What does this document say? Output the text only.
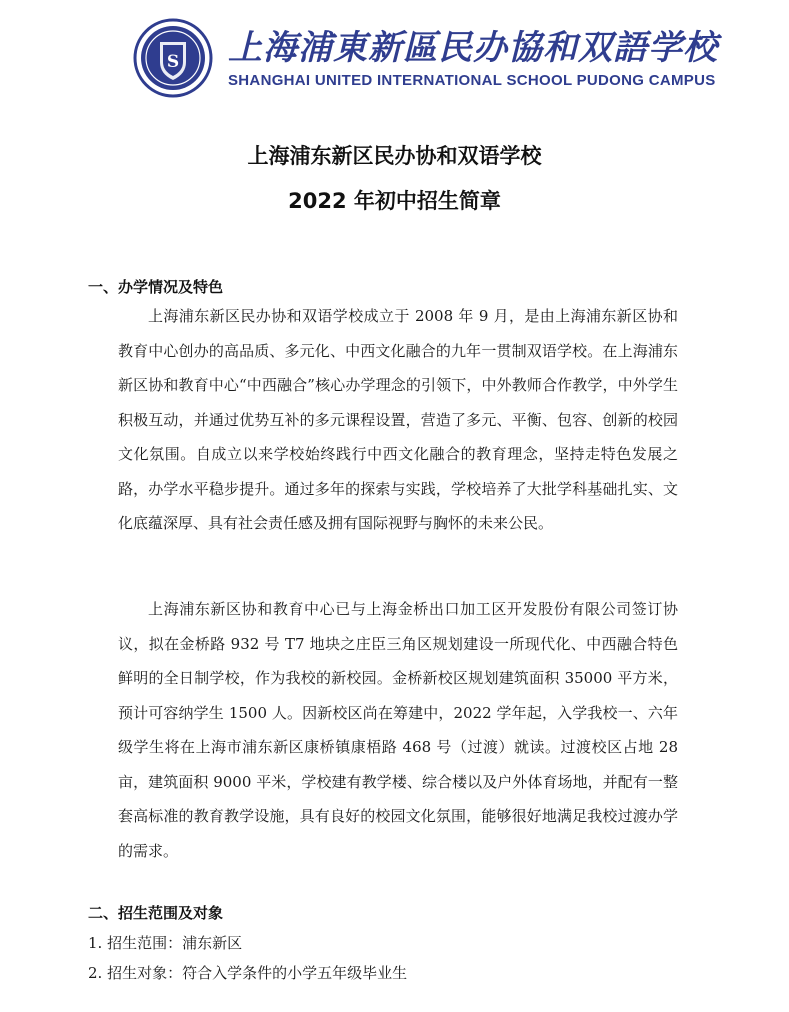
S 上海浦東新區民办協和双語学校
SHANGHAI UNITED INTERNATIONAL SCHOOL PUDONG CAMPUS
上海浦东新区民办协和双语学校
2022 年初中招生简章
一、办学情况及特色

上海浦东新区民办协和双语学校成立于 2008 年 9 月，是由上海浦东新区协和教育中心创办的高品质、多元化、中西文化融合的九年一贯制双语学校。在上海浦东新区协和教育中心“中西融合”核心办学理念的引领下，中外教师合作教学，中外学生积极互动，并通过优势互补的多元课程设置，营造了多元、平衡、包容、创新的校园文化氛围。自成立以来学校始终践行中西文化融合的教育理念，坚持走特色发展之路，办学水平稳步提升。通过多年的探索与实践，学校培养了大批学科基础扎实、文化底蕴深厚、具有社会责任感及拥有国际视野与胸怀的未来公民。

上海浦东新区协和教育中心已与上海金桥出口加工区开发股份有限公司签订协议，拟在金桥路 932 号 T7 地块之庄臣三角区规划建设一所现代化、中西融合特色鲜明的全日制学校，作为我校的新校园。金桥新校区规划建筑面积 35000 平方米，预计可容纳学生 1500 人。因新校区尚在筹建中，2022 学年起，入学我校一、六年级学生将在上海市浦东新区康桥镇康梧路 468 号（过渡）就读。过渡校区占地 28 亩，建筑面积 9000 平米，学校建有教学楼、综合楼以及户外体育场地，并配有一整套高标准的教育教学设施，具有良好的校园文化氛围，能够很好地满足我校过渡办学的需求。

二、招生范围及对象
1. 招生范围：浦东新区
2. 招生对象：符合入学条件的小学五年级毕业生
